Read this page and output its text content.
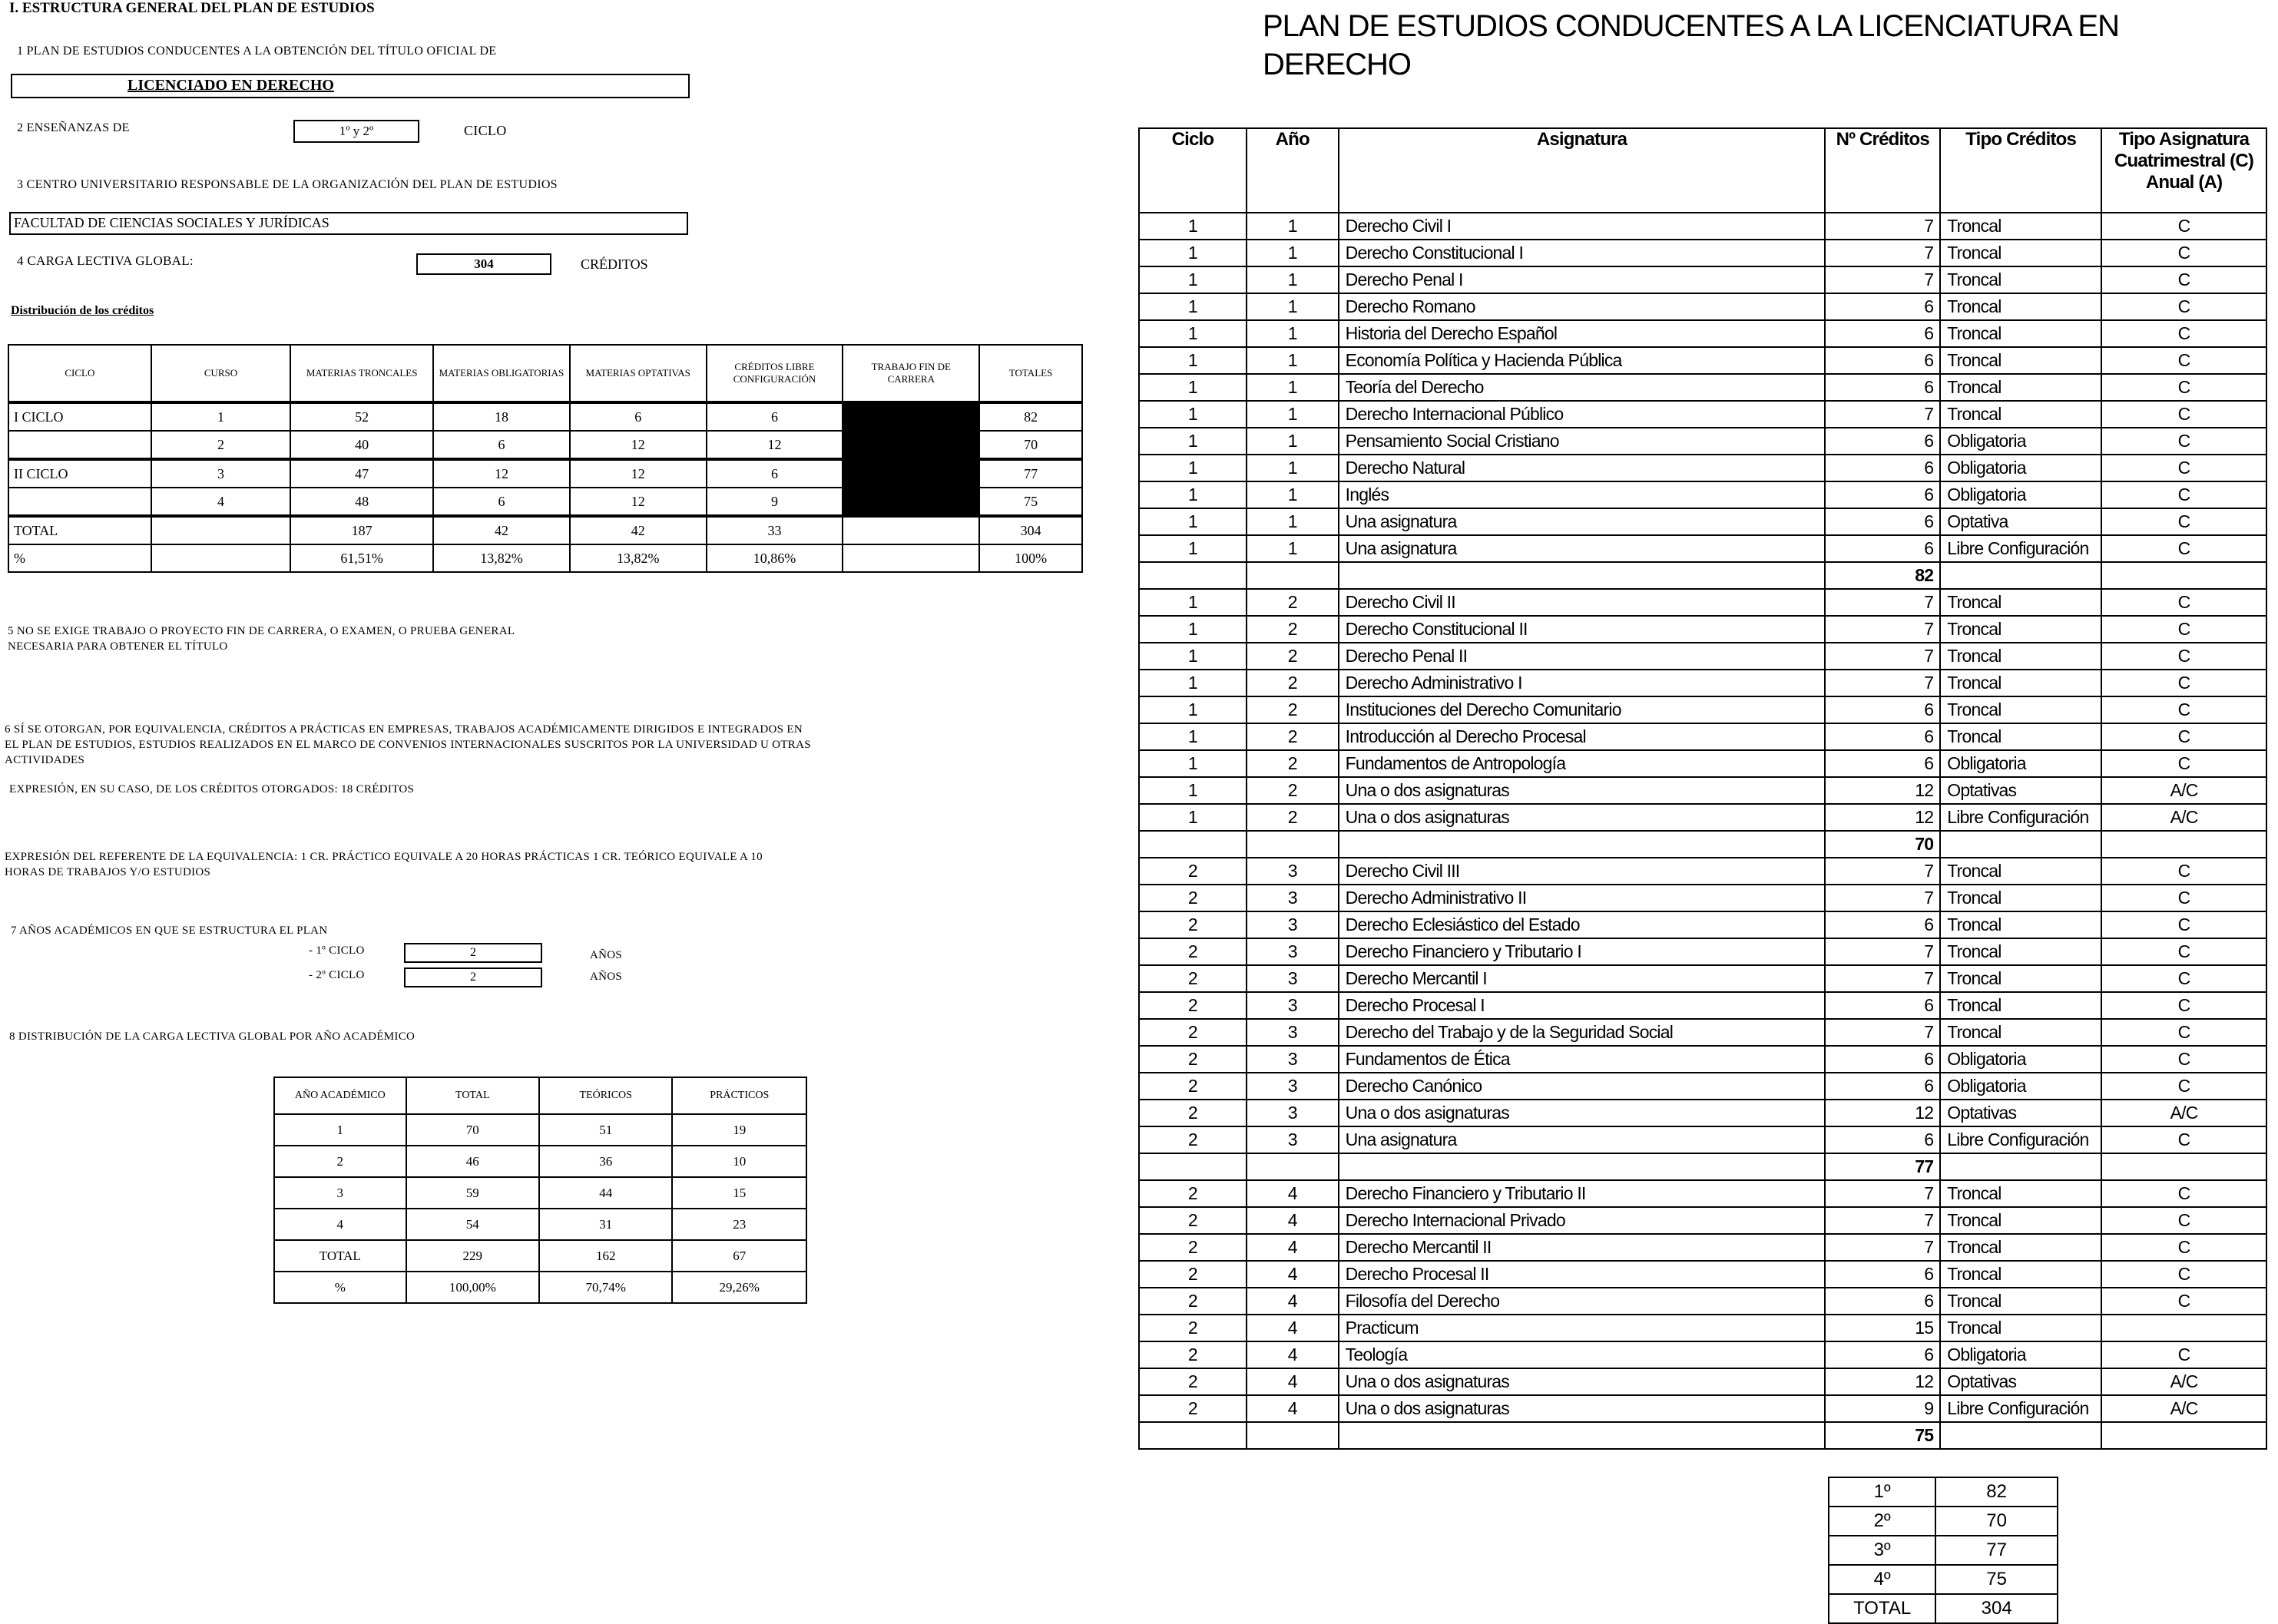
I. ESTRUCTURA GENERAL DEL PLAN DE ESTUDIOS
1 PLAN DE ESTUDIOS CONDUCENTES A LA OBTENCIÓN DEL TÍTULO OFICIAL DE
LICENCIADO EN DERECHO
2 ENSEÑANZAS DE	1º y 2º	CICLO
3 CENTRO UNIVERSITARIO RESPONSABLE DE LA ORGANIZACIÓN DEL PLAN DE ESTUDIOS
FACULTAD DE CIENCIAS SOCIALES Y JURÍDICAS
4 CARGA LECTIVA GLOBAL:	304	CRÉDITOS
Distribución de los créditos
CICLO	CURSO	MATERIAS TRONCALES	MATERIAS OBLIGATORIAS	MATERIAS OPTATIVAS	CRÉDITOS LIBRE CONFIGURACIÓN	TRABAJO FIN DE CARRERA	TOTALES
I CICLO	1	52	18	6	6		82
	2	40	6	12	12		70
II CICLO	3	47	12	12	6		77
	4	48	6	12	9		75
TOTAL		187	42	42	33		304
%		61,51%	13,82%	13,82%	10,86%		100%
5 NO SE EXIGE TRABAJO O PROYECTO FIN DE CARRERA, O EXAMEN, O PRUEBA GENERAL NECESARIA PARA OBTENER EL TÍTULO
6 SÍ SE OTORGAN, POR EQUIVALENCIA, CRÉDITOS A PRÁCTICAS EN EMPRESAS, TRABAJOS ACADÉMICAMENTE DIRIGIDOS E INTEGRADOS EN EL PLAN DE ESTUDIOS, ESTUDIOS REALIZADOS EN EL MARCO DE CONVENIOS INTERNACIONALES SUSCRITOS POR LA UNIVERSIDAD U OTRAS ACTIVIDADES
EXPRESIÓN, EN SU CASO, DE LOS CRÉDITOS OTORGADOS: 18 CRÉDITOS
EXPRESIÓN DEL REFERENTE DE LA EQUIVALENCIA: 1 CR. PRÁCTICO EQUIVALE A 20 HORAS PRÁCTICAS 1 CR. TEÓRICO EQUIVALE A 10 HORAS DE TRABAJOS Y/O ESTUDIOS
7 AÑOS ACADÉMICOS EN QUE SE ESTRUCTURA EL PLAN
- 1º CICLO	2	AÑOS
- 2º CICLO	2	AÑOS
8 DISTRIBUCIÓN DE LA CARGA LECTIVA GLOBAL POR AÑO ACADÉMICO
AÑO ACADÉMICO	TOTAL	TEÓRICOS	PRÁCTICOS
1	70	51	19
2	46	36	10
3	59	44	15
4	54	31	23
TOTAL	229	162	67
%	100,00%	70,74%	29,26%
PLAN DE ESTUDIOS CONDUCENTES A LA LICENCIATURA EN
DERECHO
Ciclo	Año	Asignatura	Nº Créditos	Tipo Créditos	Tipo Asignatura Cuatrimestral (C) Anual (A)
1	1	Derecho Civil I	7	Troncal	C
1	1	Derecho Constitucional I	7	Troncal	C
1	1	Derecho Penal I	7	Troncal	C
1	1	Derecho Romano	6	Troncal	C
1	1	Historia del Derecho Español	6	Troncal	C
1	1	Economía Política y Hacienda Pública	6	Troncal	C
1	1	Teoría del Derecho	6	Troncal	C
1	1	Derecho Internacional Público	7	Troncal	C
1	1	Pensamiento Social Cristiano	6	Obligatoria	C
1	1	Derecho Natural	6	Obligatoria	C
1	1	Inglés	6	Obligatoria	C
1	1	Una asignatura	6	Optativa	C
1	1	Una asignatura	6	Libre Configuración	C
			82		
1	2	Derecho Civil II	7	Troncal	C
1	2	Derecho Constitucional II	7	Troncal	C
1	2	Derecho Penal II	7	Troncal	C
1	2	Derecho Administrativo I	7	Troncal	C
1	2	Instituciones del Derecho Comunitario	6	Troncal	C
1	2	Introducción al Derecho Procesal	6	Troncal	C
1	2	Fundamentos de Antropología	6	Obligatoria	C
1	2	Una o dos asignaturas	12	Optativas	A/C
1	2	Una o dos asignaturas	12	Libre Configuración	A/C
			70		
2	3	Derecho Civil III	7	Troncal	C
2	3	Derecho Administrativo II	7	Troncal	C
2	3	Derecho Eclesiástico del Estado	6	Troncal	C
2	3	Derecho Financiero y Tributario I	7	Troncal	C
2	3	Derecho Mercantil I	7	Troncal	C
2	3	Derecho Procesal I	6	Troncal	C
2	3	Derecho del Trabajo y de la Seguridad Social	7	Troncal	C
2	3	Fundamentos de Ética	6	Obligatoria	C
2	3	Derecho Canónico	6	Obligatoria	C
2	3	Una o dos asignaturas	12	Optativas	A/C
2	3	Una asignatura	6	Libre Configuración	C
			77		
2	4	Derecho Financiero y Tributario II	7	Troncal	C
2	4	Derecho Internacional Privado	7	Troncal	C
2	4	Derecho Mercantil II	7	Troncal	C
2	4	Derecho Procesal II	6	Troncal	C
2	4	Filosofía del Derecho	6	Troncal	C
2	4	Practicum	15	Troncal	
2	4	Teología	6	Obligatoria	C
2	4	Una o dos asignaturas	12	Optativas	A/C
2	4	Una o dos asignaturas	9	Libre Configuración	A/C
			75		
1º	82
2º	70
3º	77
4º	75
TOTAL	304
